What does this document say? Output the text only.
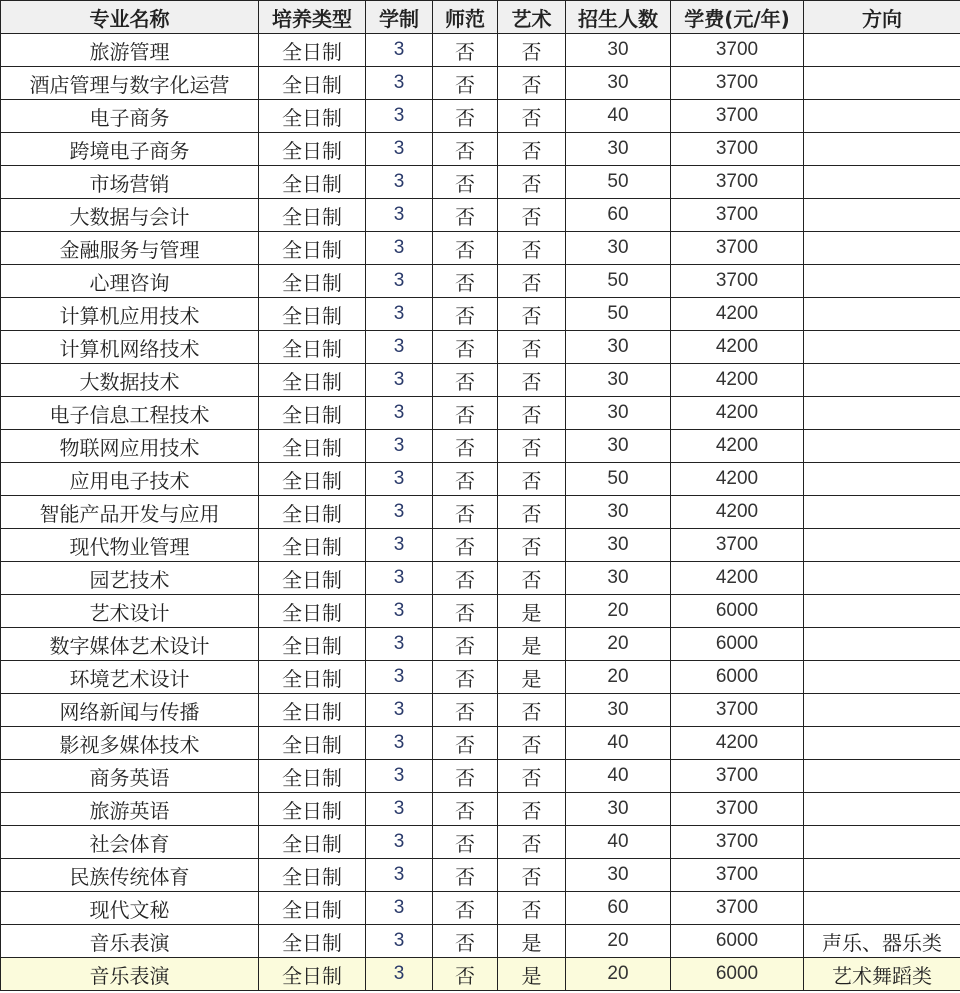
专业名称	培养类型	学制	师范	艺术	招生人数	学费(元/年)	方向
旅游管理	全日制	3	否	否	30	3700	
酒店管理与数字化运营	全日制	3	否	否	30	3700	
电子商务	全日制	3	否	否	40	3700	
跨境电子商务	全日制	3	否	否	30	3700	
市场营销	全日制	3	否	否	50	3700	
大数据与会计	全日制	3	否	否	60	3700	
金融服务与管理	全日制	3	否	否	30	3700	
心理咨询	全日制	3	否	否	50	3700	
计算机应用技术	全日制	3	否	否	50	4200	
计算机网络技术	全日制	3	否	否	30	4200	
大数据技术	全日制	3	否	否	30	4200	
电子信息工程技术	全日制	3	否	否	30	4200	
物联网应用技术	全日制	3	否	否	30	4200	
应用电子技术	全日制	3	否	否	50	4200	
智能产品开发与应用	全日制	3	否	否	30	4200	
现代物业管理	全日制	3	否	否	30	3700	
园艺技术	全日制	3	否	否	30	4200	
艺术设计	全日制	3	否	是	20	6000	
数字媒体艺术设计	全日制	3	否	是	20	6000	
环境艺术设计	全日制	3	否	是	20	6000	
网络新闻与传播	全日制	3	否	否	30	3700	
影视多媒体技术	全日制	3	否	否	40	4200	
商务英语	全日制	3	否	否	40	3700	
旅游英语	全日制	3	否	否	30	3700	
社会体育	全日制	3	否	否	40	3700	
民族传统体育	全日制	3	否	否	30	3700	
现代文秘	全日制	3	否	否	60	3700	
音乐表演	全日制	3	否	是	20	6000	声乐、器乐类
音乐表演	全日制	3	否	是	20	6000	艺术舞蹈类
